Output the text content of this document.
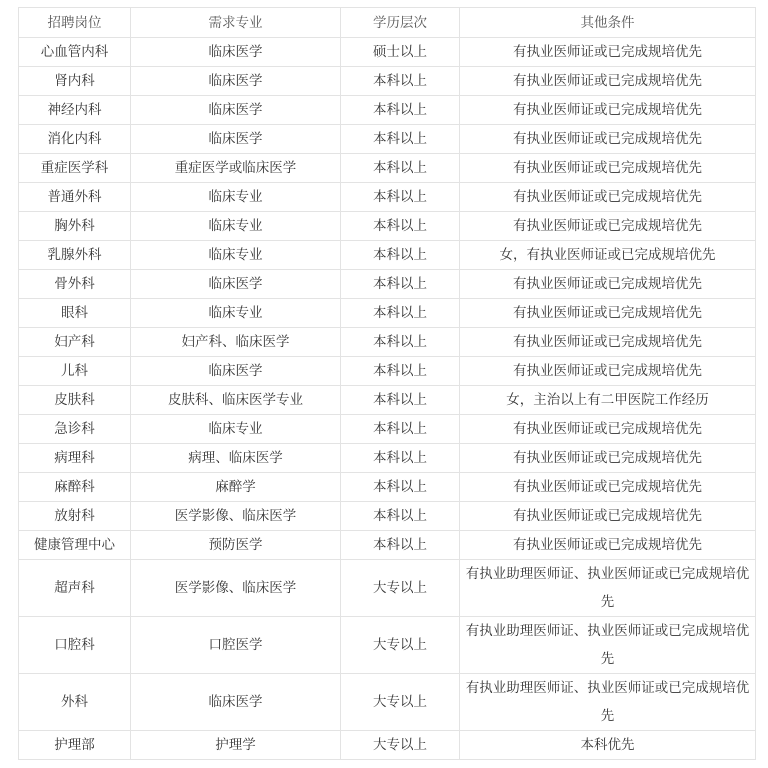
招聘岗位	需求专业	学历层次	其他条件
心血管内科	临床医学	硕士以上	有执业医师证或已完成规培优先
肾内科	临床医学	本科以上	有执业医师证或已完成规培优先
神经内科	临床医学	本科以上	有执业医师证或已完成规培优先
消化内科	临床医学	本科以上	有执业医师证或已完成规培优先
重症医学科	重症医学或临床医学	本科以上	有执业医师证或已完成规培优先
普通外科	临床专业	本科以上	有执业医师证或已完成规培优先
胸外科	临床专业	本科以上	有执业医师证或已完成规培优先
乳腺外科	临床专业	本科以上	女，有执业医师证或已完成规培优先
骨外科	临床医学	本科以上	有执业医师证或已完成规培优先
眼科	临床专业	本科以上	有执业医师证或已完成规培优先
妇产科	妇产科、临床医学	本科以上	有执业医师证或已完成规培优先
儿科	临床医学	本科以上	有执业医师证或已完成规培优先
皮肤科	皮肤科、临床医学专业	本科以上	女，主治以上有二甲医院工作经历
急诊科	临床专业	本科以上	有执业医师证或已完成规培优先
病理科	病理、临床医学	本科以上	有执业医师证或已完成规培优先
麻醉科	麻醉学	本科以上	有执业医师证或已完成规培优先
放射科	医学影像、临床医学	本科以上	有执业医师证或已完成规培优先
健康管理中心	预防医学	本科以上	有执业医师证或已完成规培优先
超声科	医学影像、临床医学	大专以上	有执业助理医师证、执业医师证或已完成规培优先
口腔科	口腔医学	大专以上	有执业助理医师证、执业医师证或已完成规培优先
外科	临床医学	大专以上	有执业助理医师证、执业医师证或已完成规培优先
护理部	护理学	大专以上	本科优先
